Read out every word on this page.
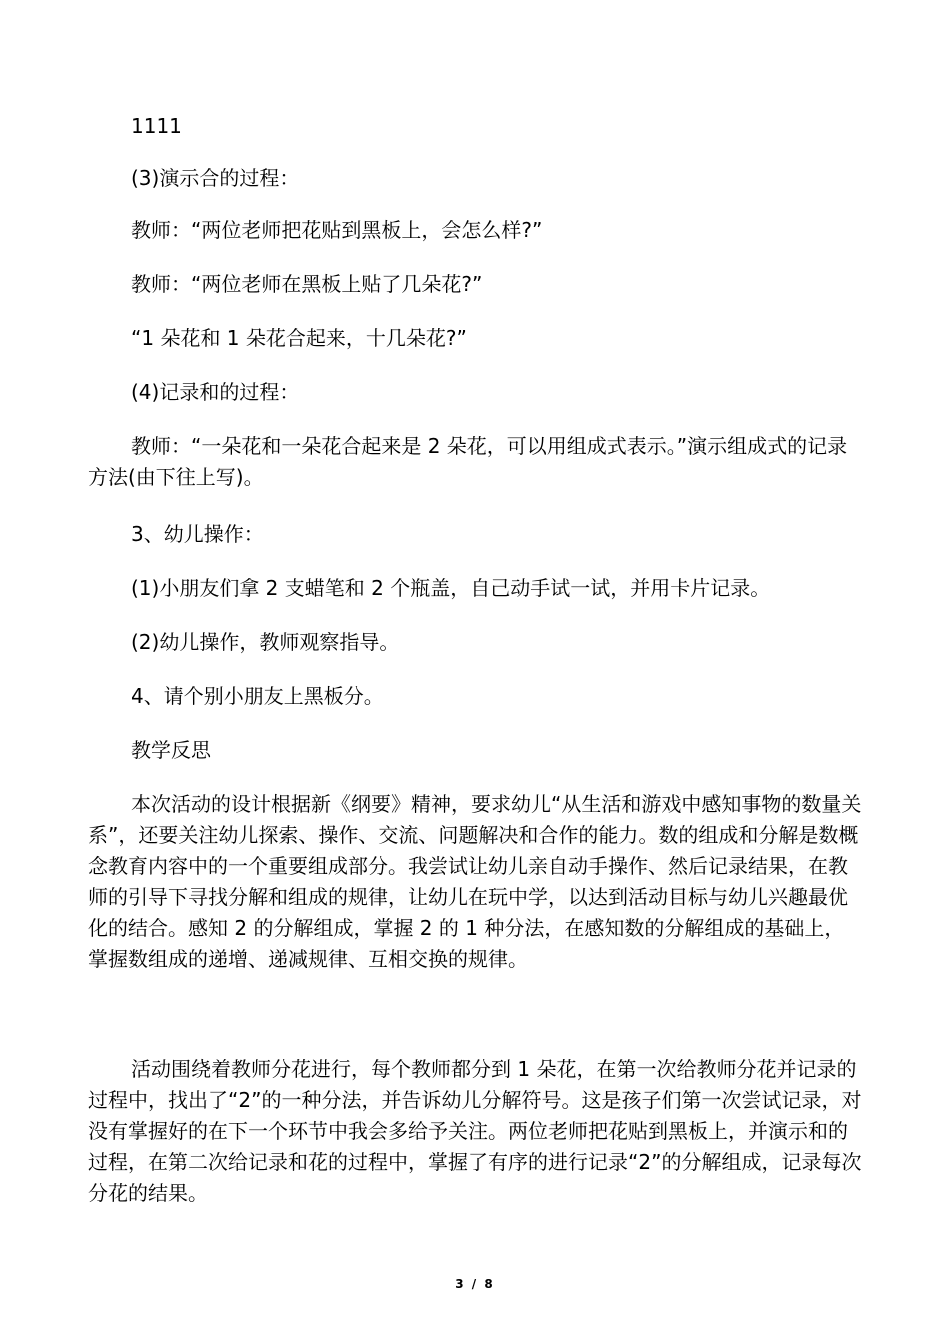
1111

(3)演示合的过程：

教师：“两位老师把花贴到黑板上，会怎么样?”

教师：“两位老师在黑板上贴了几朵花?”

“1 朵花和 1 朵花合起来，十几朵花?”

(4)记录和的过程：

教师：“一朵花和一朵花合起来是 2 朵花，可以用组成式表示。”演示组成式的记录方法(由下往上写)。

3、幼儿操作：

(1)小朋友们拿 2 支蜡笔和 2 个瓶盖，自己动手试一试，并用卡片记录。

(2)幼儿操作，教师观察指导。

4、请个别小朋友上黑板分。

教学反思

本次活动的设计根据新《纲要》精神，要求幼儿“从生活和游戏中感知事物的数量关系”，还要关注幼儿探索、操作、交流、问题解决和合作的能力。数的组成和分解是数概念教育内容中的一个重要组成部分。我尝试让幼儿亲自动手操作、然后记录结果，在教师的引导下寻找分解和组成的规律，让幼儿在玩中学，以达到活动目标与幼儿兴趣最优化的结合。感知 2 的分解组成，掌握 2 的 1 种分法，在感知数的分解组成的基础上，掌握数组成的递增、递减规律、互相交换的规律。

活动围绕着教师分花进行，每个教师都分到 1 朵花，在第一次给教师分花并记录的过程中，找出了“2”的一种分法，并告诉幼儿分解符号。这是孩子们第一次尝试记录，对没有掌握好的在下一个环节中我会多给予关注。两位老师把花贴到黑板上，并演示和的过程，在第二次给记录和花的过程中，掌握了有序的进行记录“2”的分解组成，记录每次分花的结果。

3 / 8
